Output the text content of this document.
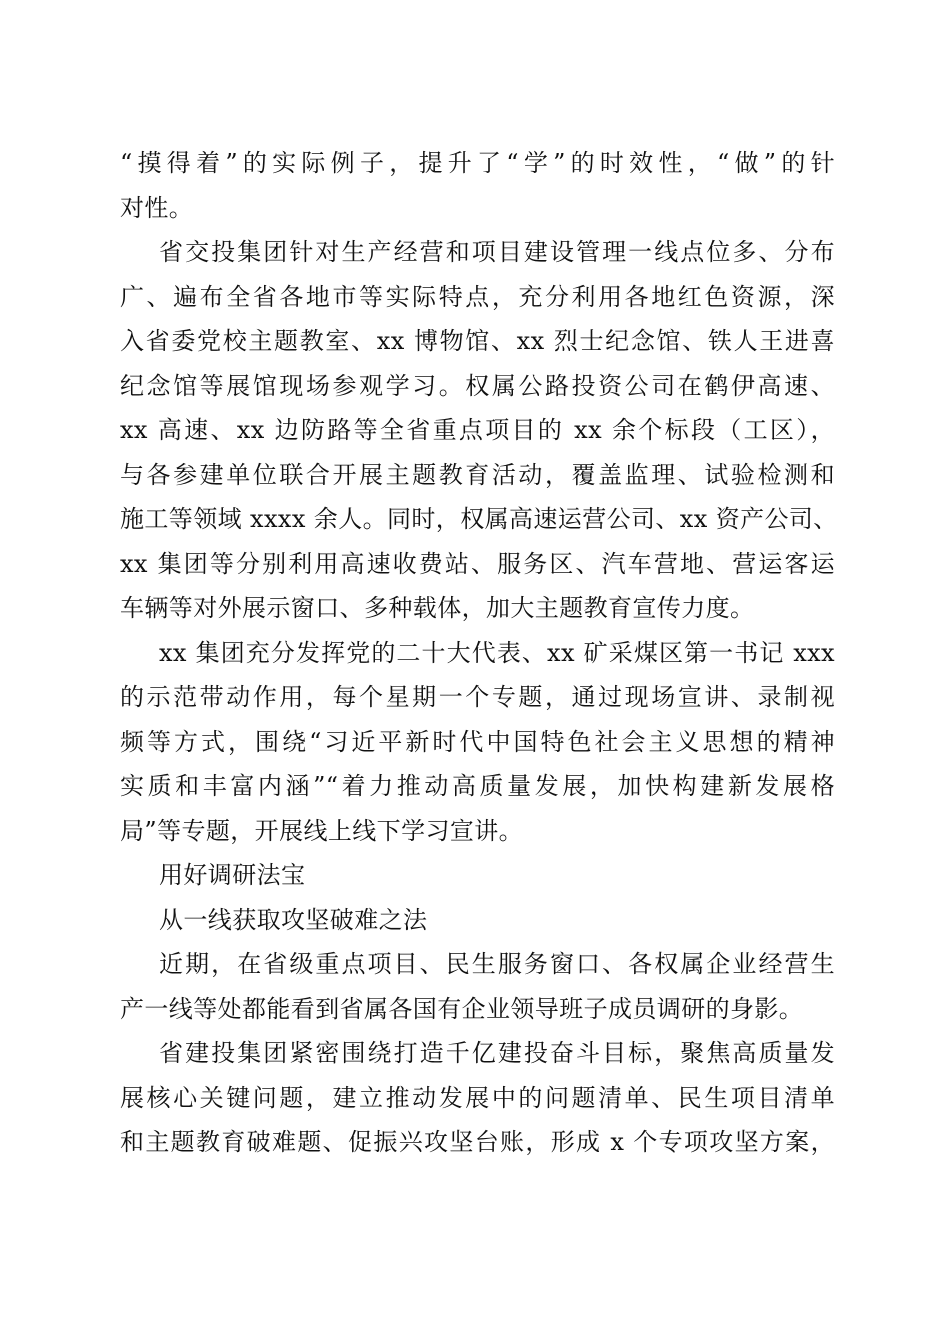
“摸得着”的实际例子，提升了“学”的时效性，“做”的针
对性。
省交投集团针对生产经营和项目建设管理一线点位多、分布
广、遍布全省各地市等实际特点，充分利用各地红色资源，深
入省委党校主题教室、xx 博物馆、xx 烈士纪念馆、铁人王进喜
纪念馆等展馆现场参观学习。权属公路投资公司在鹤伊高速、
xx 高速、xx 边防路等全省重点项目的 xx 余个标段（工区），
与各参建单位联合开展主题教育活动，覆盖监理、试验检测和
施工等领域 xxxx 余人。同时，权属高速运营公司、xx 资产公司、
xx 集团等分别利用高速收费站、服务区、汽车营地、营运客运
车辆等对外展示窗口、多种载体，加大主题教育宣传力度。
xx 集团充分发挥党的二十大代表、xx 矿采煤区第一书记 xxx
的示范带动作用，每个星期一个专题，通过现场宣讲、录制视
频等方式，围绕“习近平新时代中国特色社会主义思想的精神
实质和丰富内涵”“着力推动高质量发展，加快构建新发展格
局”等专题，开展线上线下学习宣讲。
用好调研法宝
从一线获取攻坚破难之法
近期，在省级重点项目、民生服务窗口、各权属企业经营生
产一线等处都能看到省属各国有企业领导班子成员调研的身影。
省建投集团紧密围绕打造千亿建投奋斗目标，聚焦高质量发
展核心关键问题，建立推动发展中的问题清单、民生项目清单
和主题教育破难题、促振兴攻坚台账，形成 x 个专项攻坚方案，
